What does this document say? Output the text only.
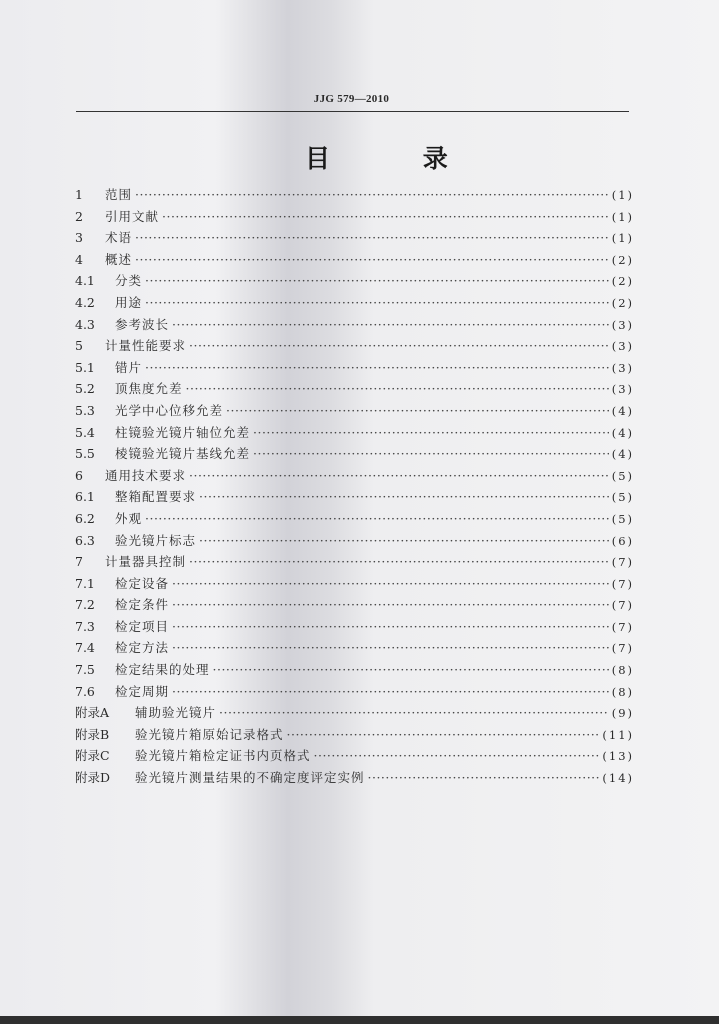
JJG 579—2010
目 录
1	范围 ·····	(1)
2	引用文献 ·····	(1)
3	术语 ·····	(1)
4	概述 ·····	(2)
4.1	分类 ·····	(2)
4.2	用途 ·····	(2)
4.3	参考波长 ·····	(3)
5	计量性能要求 ·····	(3)
5.1	错片 ·····	(3)
5.2	顶焦度允差 ·····	(3)
5.3	光学中心位移允差 ·····	(4)
5.4	柱镜验光镜片轴位允差 ·····	(4)
5.5	棱镜验光镜片基线允差 ·····	(4)
6	通用技术要求 ·····	(5)
6.1	整箱配置要求 ·····	(5)
6.2	外观 ·····	(5)
6.3	验光镜片标志 ·····	(6)
7	计量器具控制 ·····	(7)
7.1	检定设备 ·····	(7)
7.2	检定条件 ·····	(7)
7.3	检定项目 ·····	(7)
7.4	检定方法 ·····	(7)
7.5	检定结果的处理 ·····	(8)
7.6	检定周期 ·····	(8)
附录A	辅助验光镜片 ·····	(9)
附录B	验光镜片箱原始记录格式 ·····	(11)
附录C	验光镜片箱检定证书内页格式 ·····	(13)
附录D	验光镜片测量结果的不确定度评定实例 ·····	(14)
